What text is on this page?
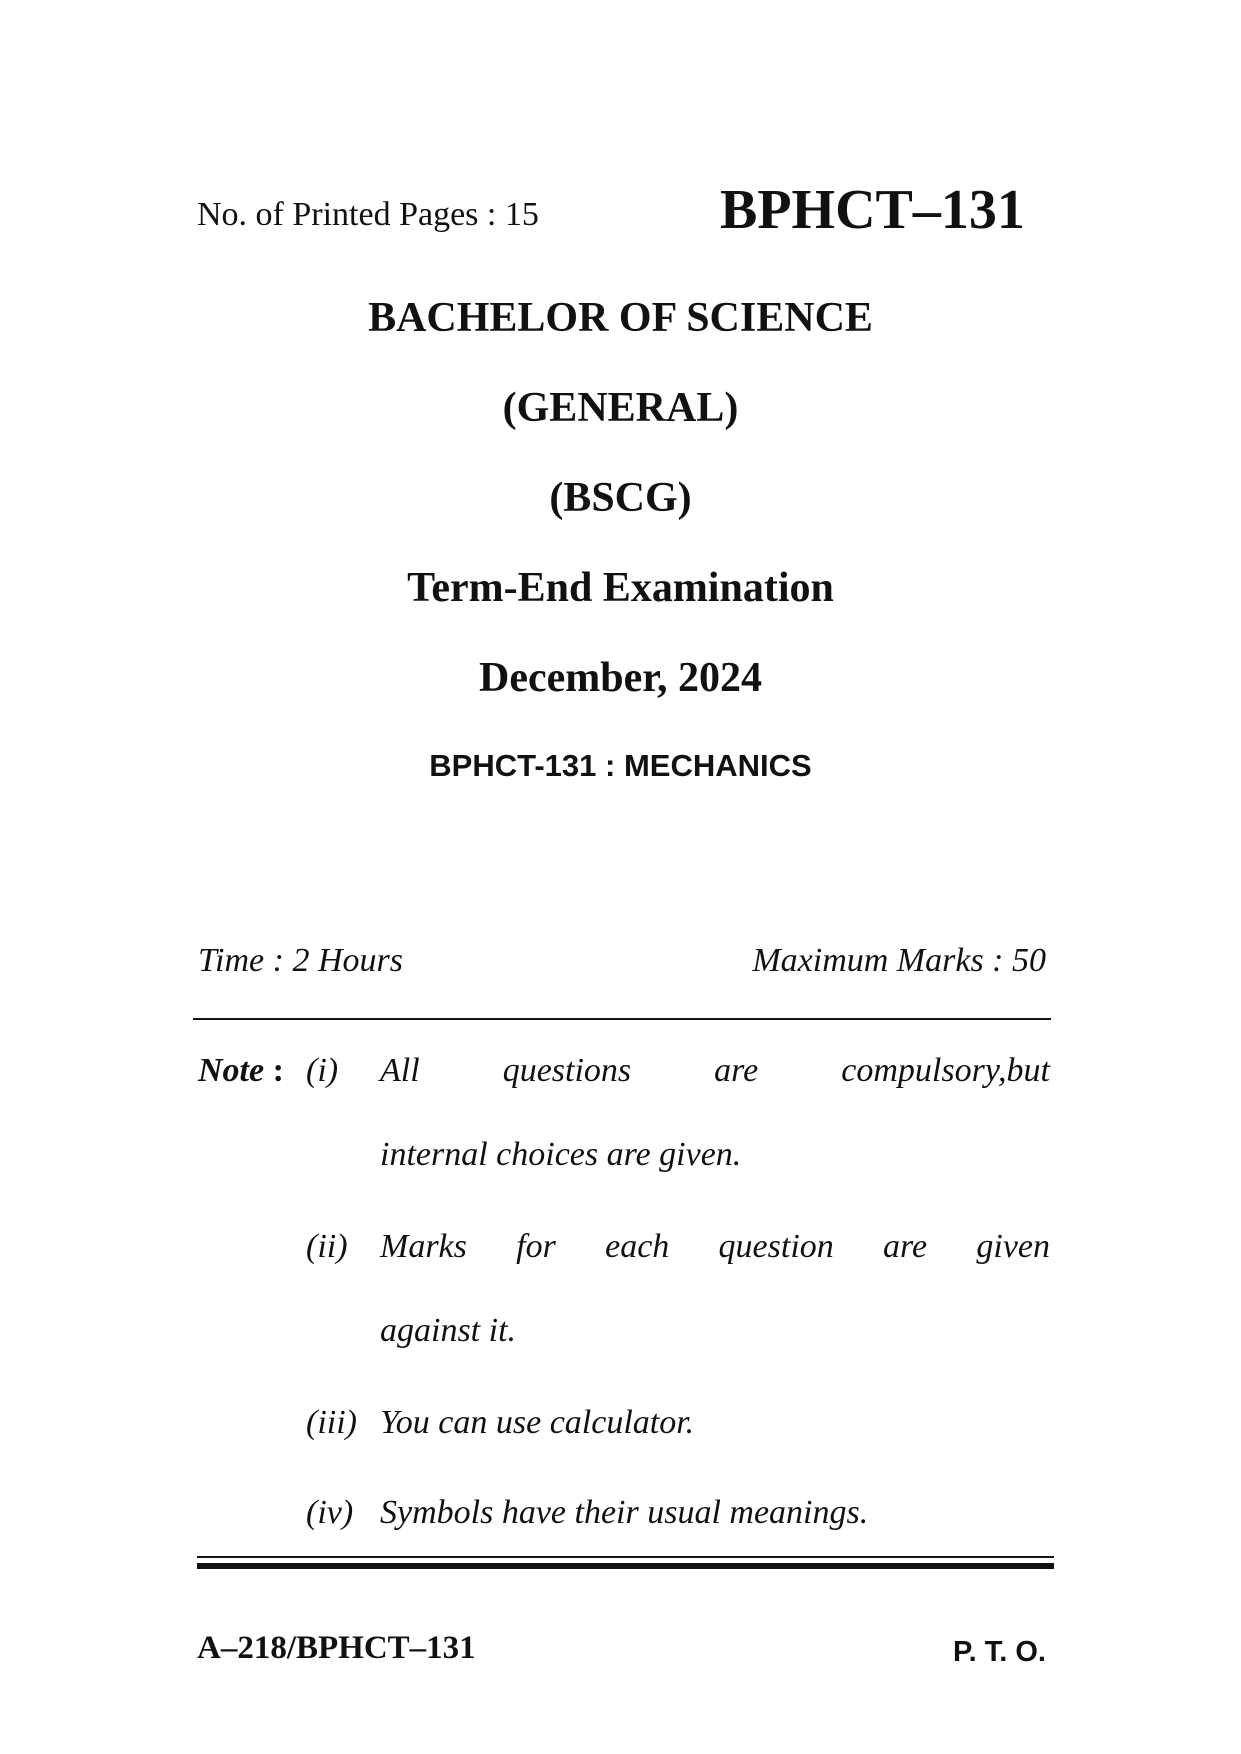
No. of Printed Pages : 15	BPHCT–131
BACHELOR OF SCIENCE
(GENERAL)
(BSCG)
Term-End Examination
December, 2024
BPHCT-131 : MECHANICS
Time : 2 Hours	Maximum Marks : 50
Note : (i) All questions are compulsory,but
internal choices are given.
(ii) Marks for each question are given
against it.
(iii) You can use calculator.
(iv) Symbols have their usual meanings.
A–218/BPHCT–131	P. T. O.
